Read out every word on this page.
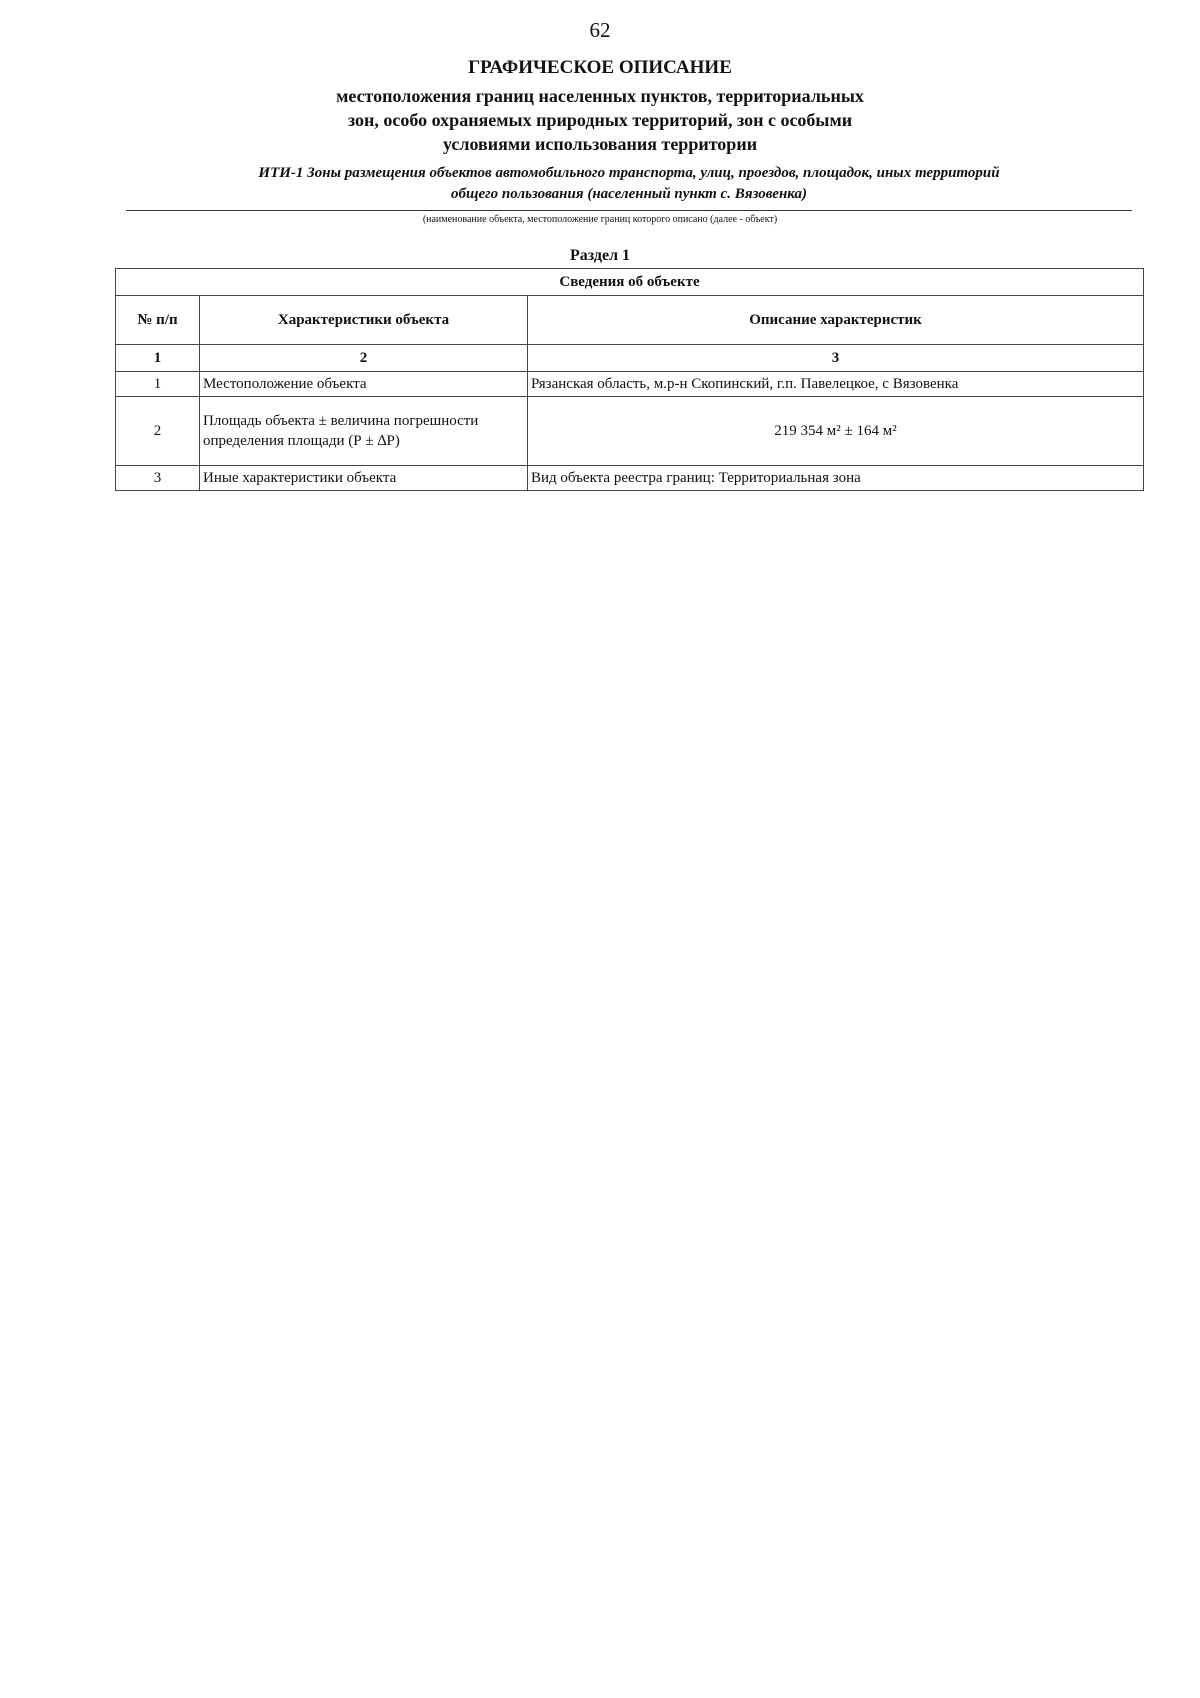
62
ГРАФИЧЕСКОЕ ОПИСАНИЕ
местоположения границ населенных пунктов, территориальных
зон, особо охраняемых природных территорий, зон с особыми
условиями использования территории
ИТИ-1 Зоны размещения объектов автомобильного транспорта, улиц, проездов, площадок, иных территорий
общего пользования (населенный пункт с. Вязовенка)
(наименование объекта, местоположение границ которого описано (далее - объект)
Раздел 1
Сведения об объекте		
№ п/п	Характеристики объекта	Описание характеристик
1	2	3
1	Местоположение объекта	Рязанская область, м.р-н Скопинский, г.п. Павелецкое, с Вязовенка
2	Площадь объекта ± величина погрешности определения площади (Р ± ∆Р)	219 354 м² ± 164 м²
3	Иные характеристики объекта	Вид объекта реестра границ: Территориальная зона
